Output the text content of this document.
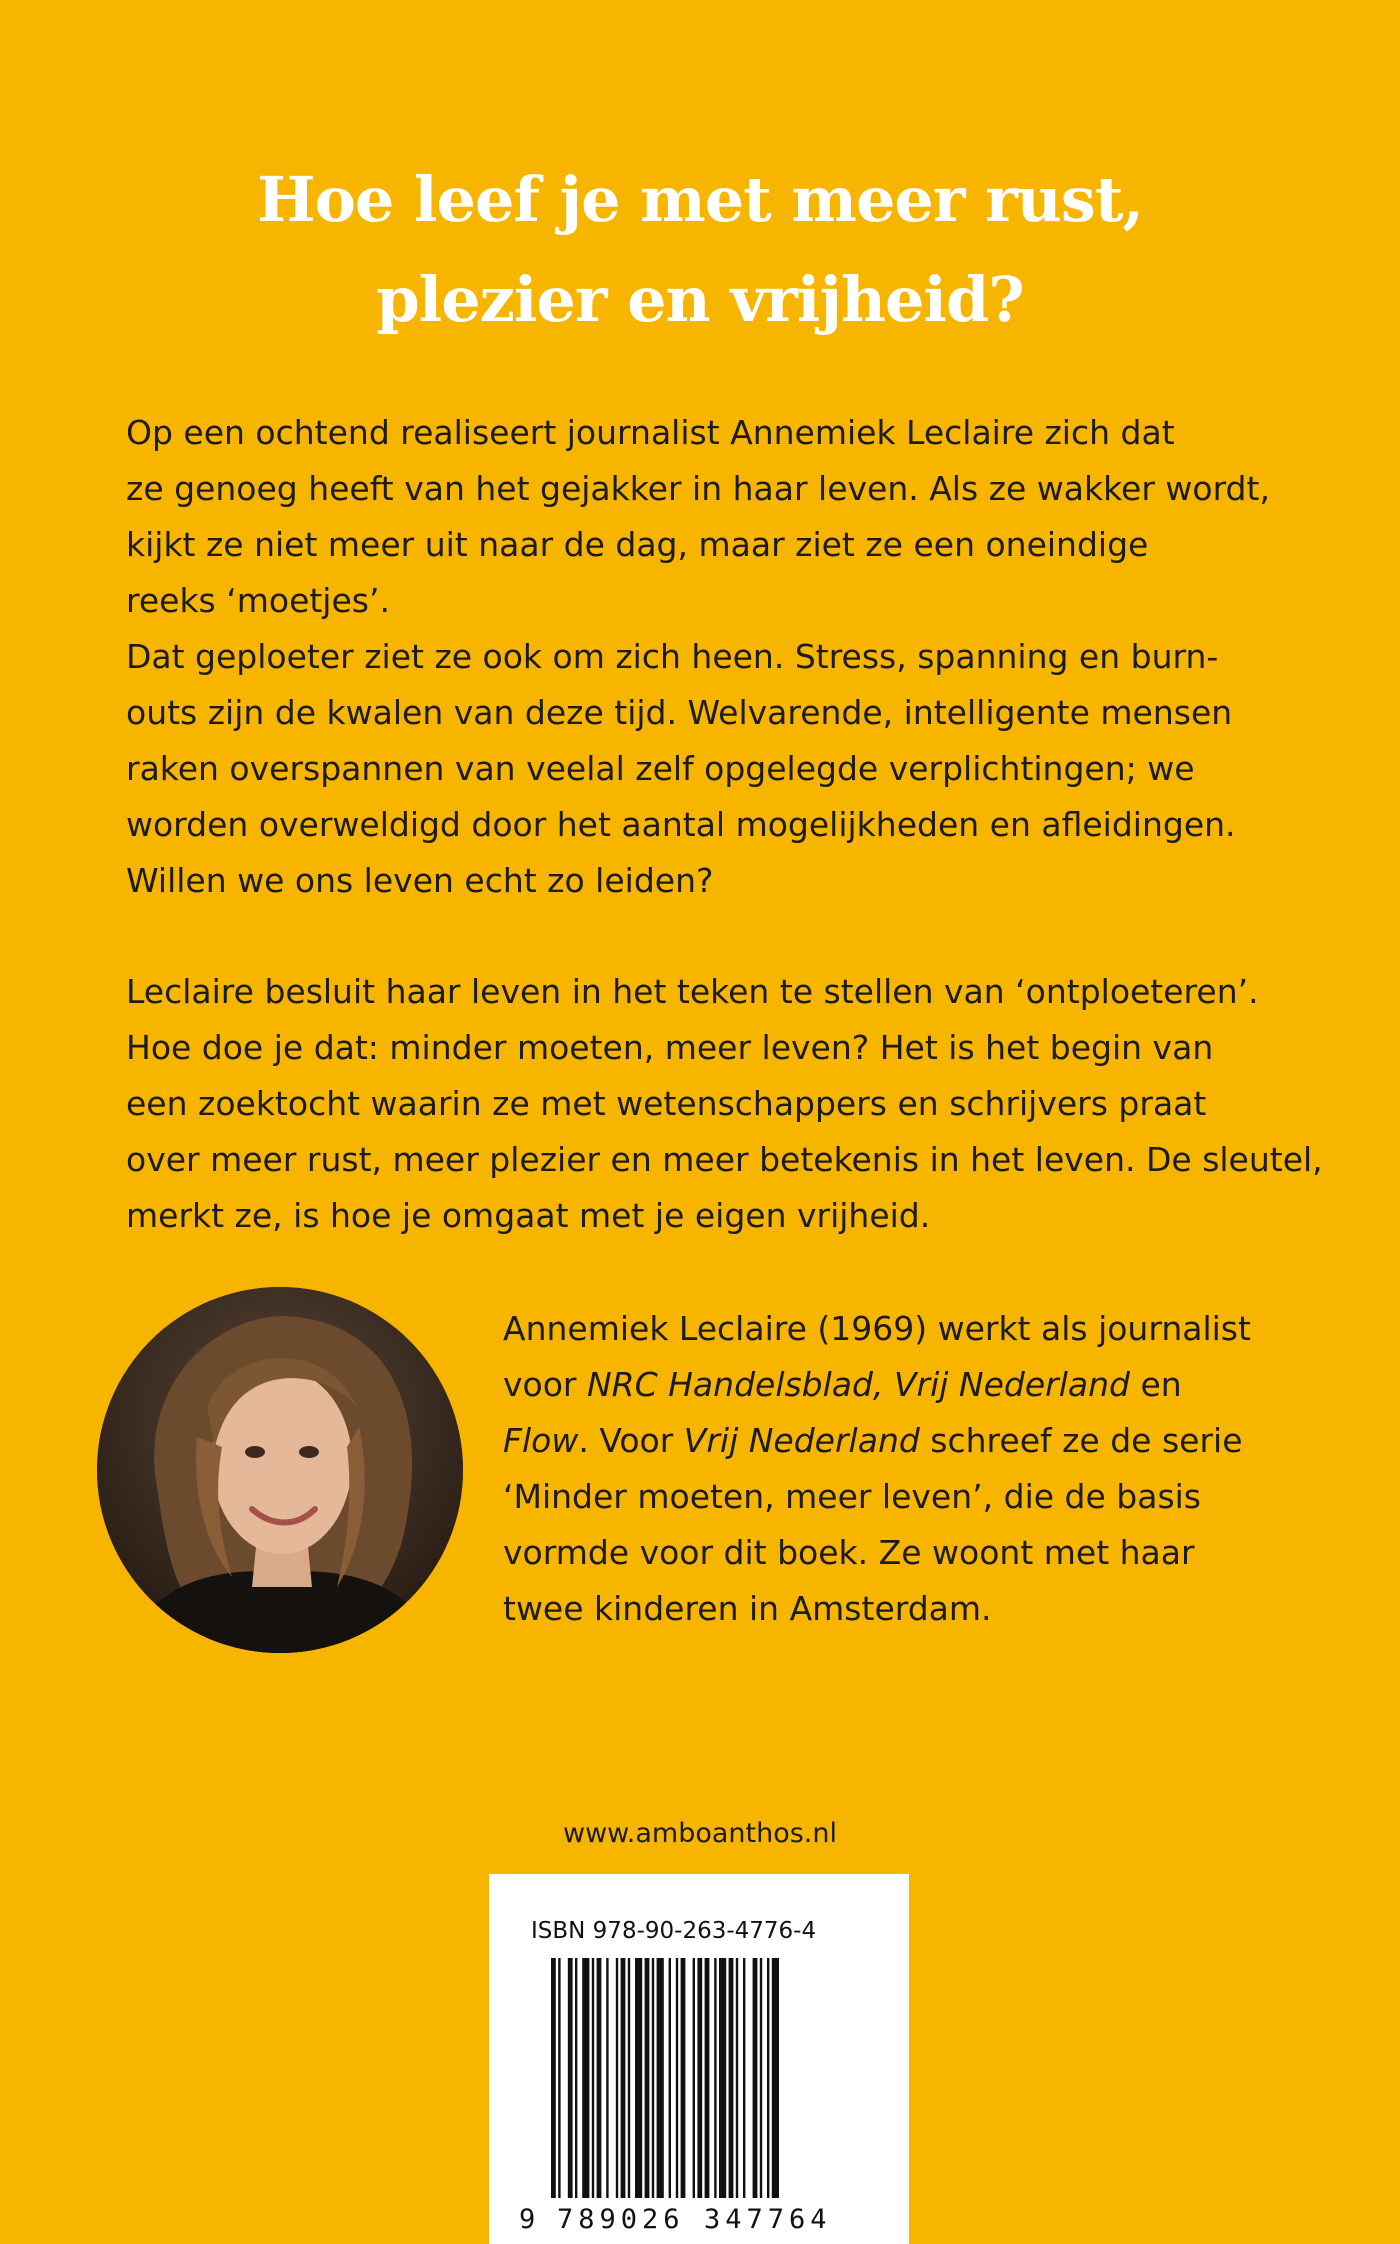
Hoe leef je met meer rust,
plezier en vrijheid?
Op een ochtend realiseert journalist Annemiek Leclaire zich dat
ze genoeg heeft van het gejakker in haar leven. Als ze wakker wordt,
kijkt ze niet meer uit naar de dag, maar ziet ze een oneindige
reeks ‘moetjes’.
Dat geploeter ziet ze ook om zich heen. Stress, spanning en burn-
outs zijn de kwalen van deze tijd. Welvarende, intelligente mensen
raken overspannen van veelal zelf opgelegde verplichtingen; we
worden overweldigd door het aantal mogelijkheden en afleidingen.
Willen we ons leven echt zo leiden?
Leclaire besluit haar leven in het teken te stellen van ‘ontploeteren’.
Hoe doe je dat: minder moeten, meer leven? Het is het begin van
een zoektocht waarin ze met wetenschappers en schrijvers praat
over meer rust, meer plezier en meer betekenis in het leven. De sleutel,
merkt ze, is hoe je omgaat met je eigen vrijheid.
Annemiek Leclaire (1969) werkt als journalist
voor NRC Handelsblad, Vrij Nederland en
Flow. Voor Vrij Nederland schreef ze de serie
‘Minder moeten, meer leven’, die de basis
vormde voor dit boek. Ze woont met haar
twee kinderen in Amsterdam.
www.amboanthos.nl
ISBN 978-90-263-4776-4
9 789026 347764
